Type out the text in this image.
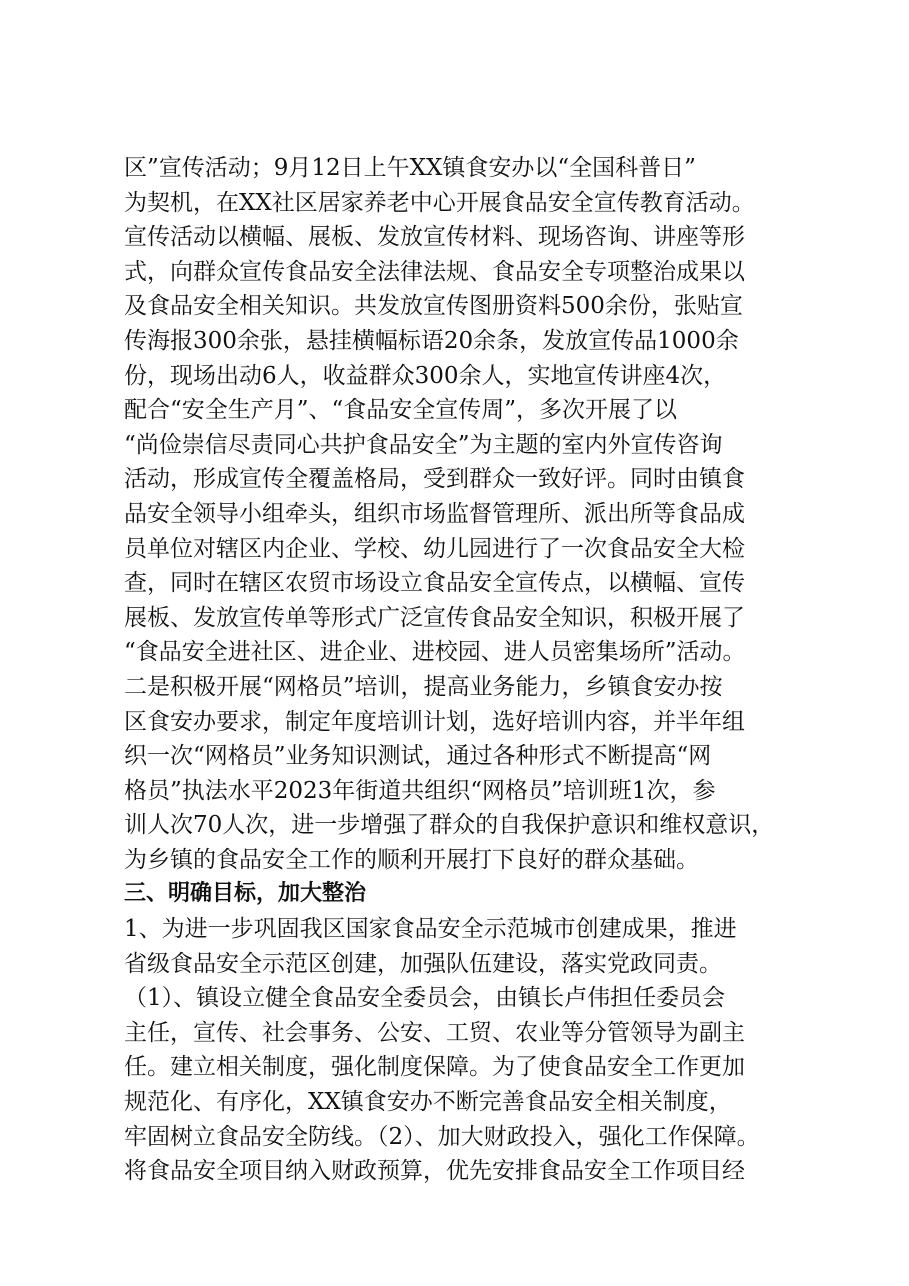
区”宣传活动；9月12日上午XX镇食安办以“全国科普日”
为契机，在XX社区居家养老中心开展食品安全宣传教育活动。
宣传活动以横幅、展板、发放宣传材料、现场咨询、讲座等形
式，向群众宣传食品安全法律法规、食品安全专项整治成果以
及食品安全相关知识。共发放宣传图册资料500余份，张贴宣
传海报300余张，悬挂横幅标语20余条，发放宣传品1000余
份，现场出动6人，收益群众300余人，实地宣传讲座4次，
配合“安全生产月”、“食品安全宣传周”，多次开展了以
“尚俭崇信尽责同心共护食品安全”为主题的室内外宣传咨询
活动，形成宣传全覆盖格局，受到群众一致好评。同时由镇食
品安全领导小组牵头，组织市场监督管理所、派出所等食品成
员单位对辖区内企业、学校、幼儿园进行了一次食品安全大检
查，同时在辖区农贸市场设立食品安全宣传点，以横幅、宣传
展板、发放宣传单等形式广泛宣传食品安全知识，积极开展了
“食品安全进社区、进企业、进校园、进人员密集场所”活动。
二是积极开展“网格员”培训，提高业务能力，乡镇食安办按
区食安办要求，制定年度培训计划，选好培训内容，并半年组
织一次“网格员”业务知识测试，通过各种形式不断提高“网
格员”执法水平2023年街道共组织“网格员”培训班1次，参
训人次70人次，进一步增强了群众的自我保护意识和维权意识，
为乡镇的食品安全工作的顺利开展打下良好的群众基础。
三、明确目标，加大整治
1、为进一步巩固我区国家食品安全示范城市创建成果，推进
省级食品安全示范区创建，加强队伍建设，落实党政同责。
（1）、镇设立健全食品安全委员会，由镇长卢伟担任委员会
主任，宣传、社会事务、公安、工贸、农业等分管领导为副主
任。建立相关制度，强化制度保障。为了使食品安全工作更加
规范化、有序化，XX镇食安办不断完善食品安全相关制度，
牢固树立食品安全防线。（2）、加大财政投入，强化工作保障。
将食品安全项目纳入财政预算，优先安排食品安全工作项目经
